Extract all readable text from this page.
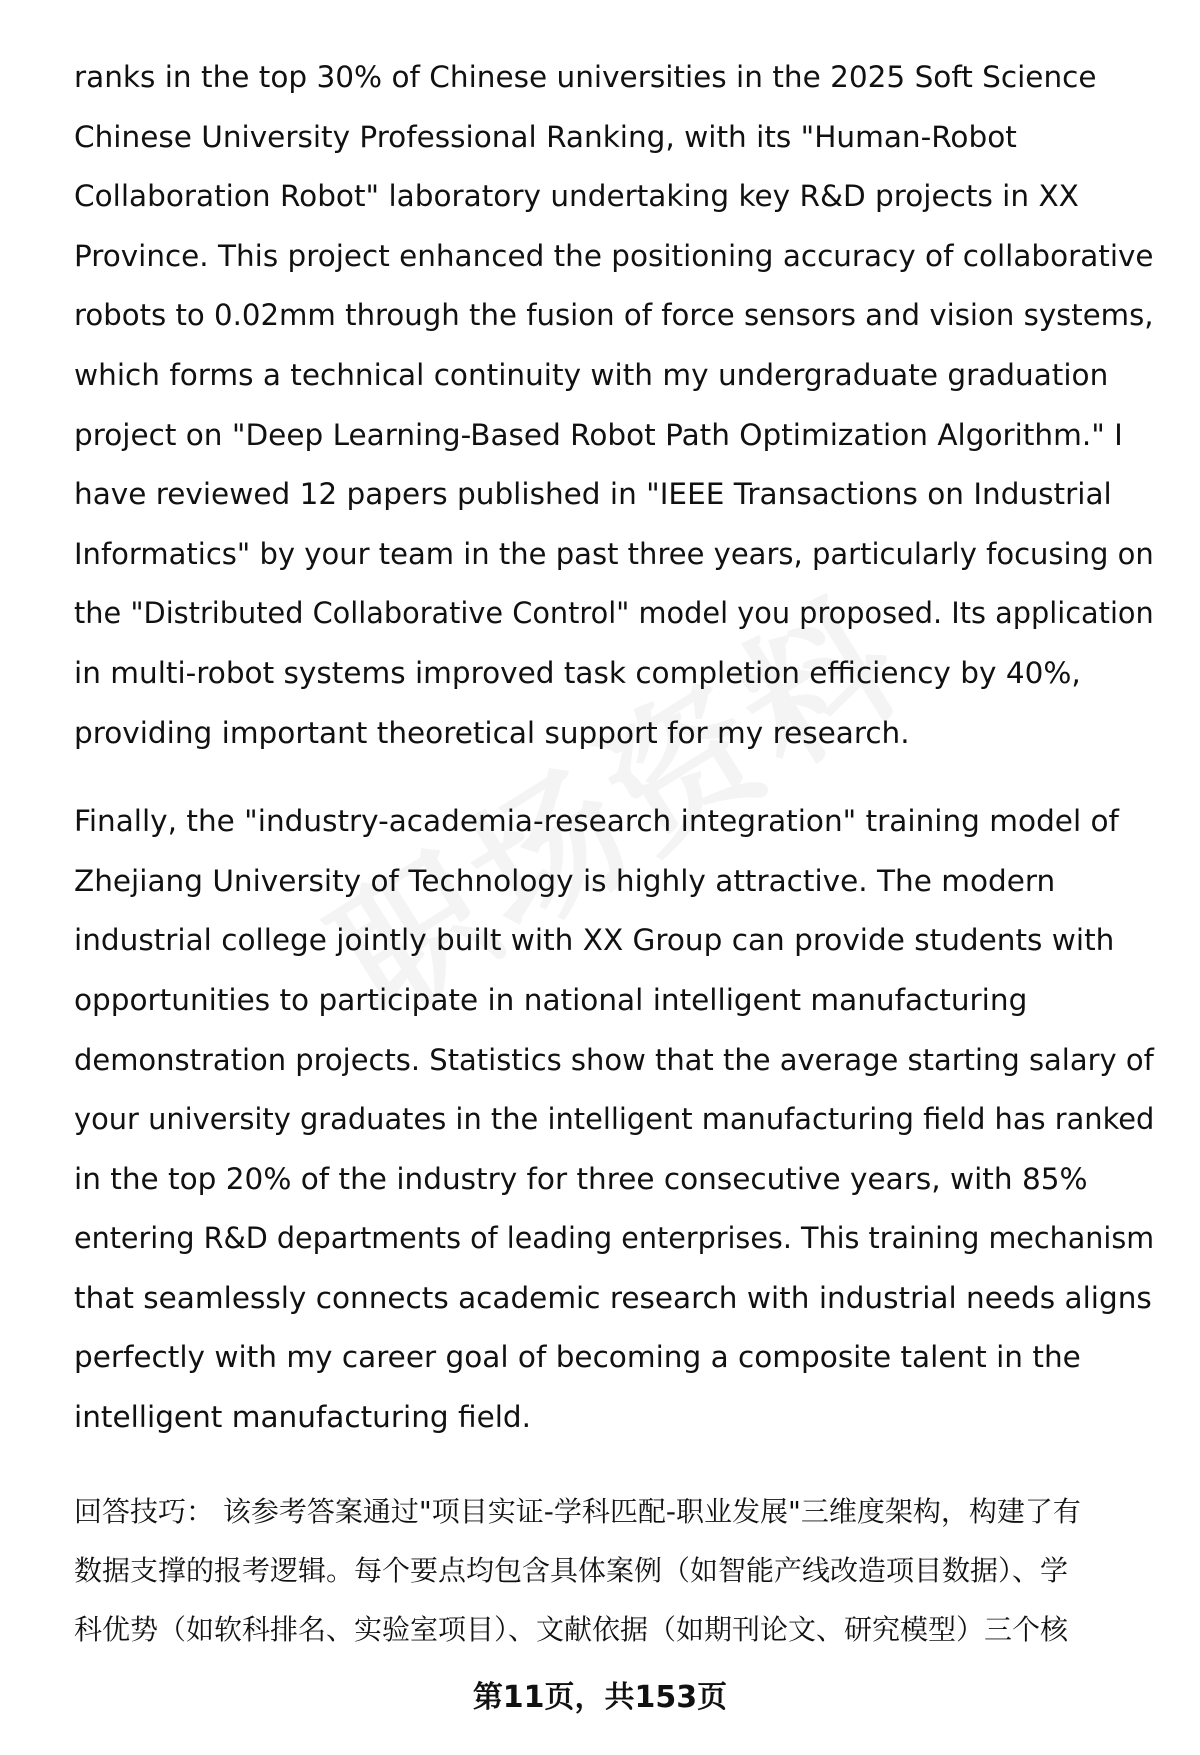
ranks in the top 30% of Chinese universities in the 2025 Soft Science
Chinese University Professional Ranking, with its "Human-Robot
Collaboration Robot" laboratory undertaking key R&D projects in XX
Province. This project enhanced the positioning accuracy of collaborative
robots to 0.02mm through the fusion of force sensors and vision systems,
which forms a technical continuity with my undergraduate graduation
project on "Deep Learning-Based Robot Path Optimization Algorithm." I
have reviewed 12 papers published in "IEEE Transactions on Industrial
Informatics" by your team in the past three years, particularly focusing on
the "Distributed Collaborative Control" model you proposed. Its application
in multi-robot systems improved task completion efficiency by 40%,
providing important theoretical support for my research.

Finally, the "industry-academia-research integration" training model of
Zhejiang University of Technology is highly attractive. The modern
industrial college jointly built with XX Group can provide students with
opportunities to participate in national intelligent manufacturing
demonstration projects. Statistics show that the average starting salary of
your university graduates in the intelligent manufacturing field has ranked
in the top 20% of the industry for three consecutive years, with 85%
entering R&D departments of leading enterprises. This training mechanism
that seamlessly connects academic research with industrial needs aligns
perfectly with my career goal of becoming a composite talent in the
intelligent manufacturing field.

回答技巧： 该参考答案通过"项目实证-学科匹配-职业发展"三维度架构，构建了有
数据支撑的报考逻辑。每个要点均包含具体案例（如智能产线改造项目数据）、学
科优势（如软科排名、实验室项目）、文献依据（如期刊论文、研究模型）三个核

第11页，共153页
